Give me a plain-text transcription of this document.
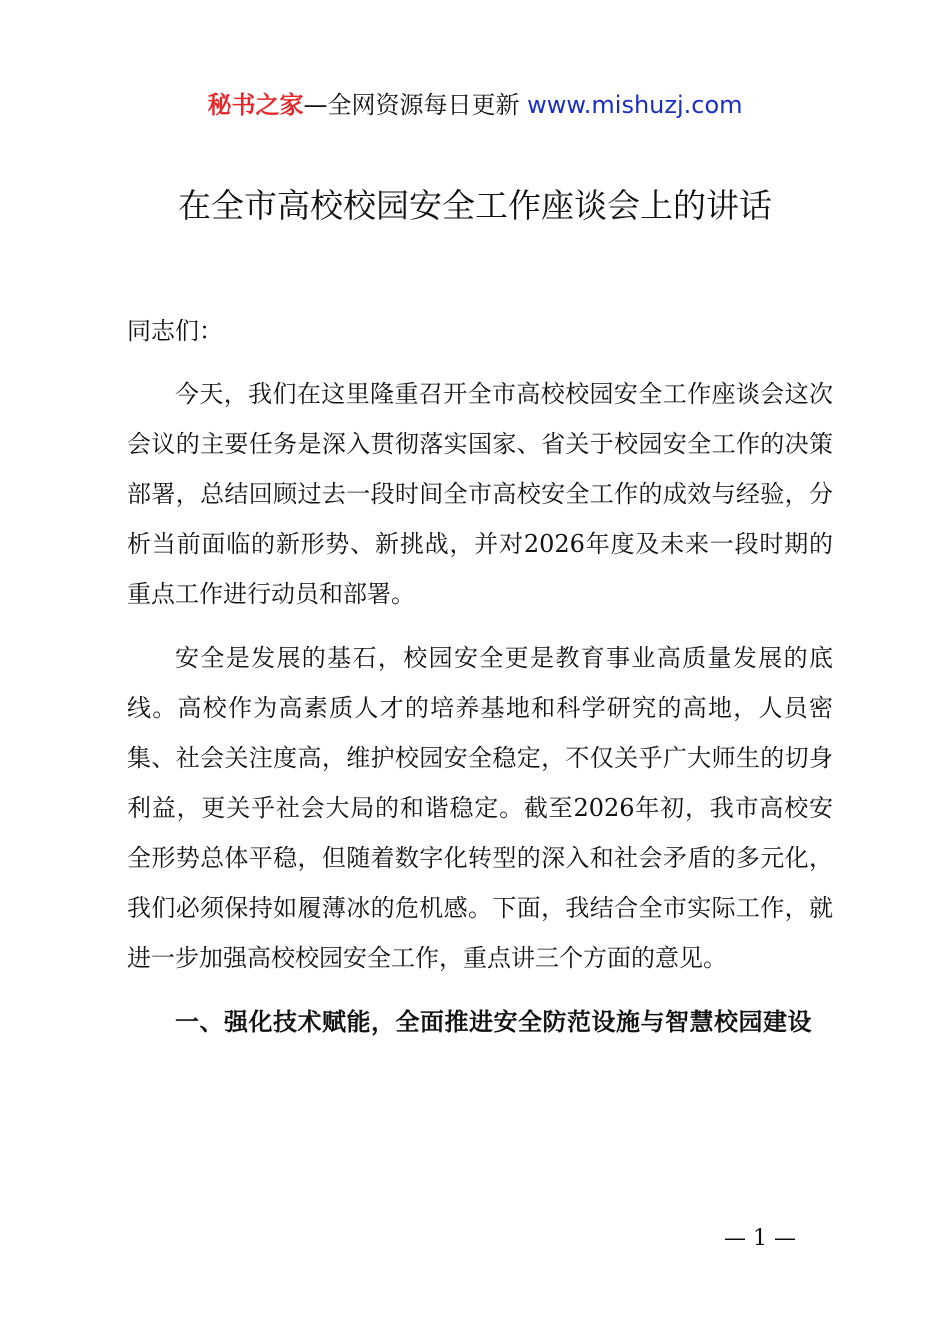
秘书之家—全网资源每日更新 www.mishuzj.com
在全市高校校园安全工作座谈会上的讲话

同志们：

今天，我们在这里隆重召开全市高校校园安全工作座谈会这次会议的主要任务是深入贯彻落实国家、省关于校园安全工作的决策部署，总结回顾过去一段时间全市高校安全工作的成效与经验，分析当前面临的新形势、新挑战，并对2026年度及未来一段时期的重点工作进行动员和部署。

安全是发展的基石，校园安全更是教育事业高质量发展的底线。高校作为高素质人才的培养基地和科学研究的高地，人员密集、社会关注度高，维护校园安全稳定，不仅关乎广大师生的切身利益，更关乎社会大局的和谐稳定。截至2026年初，我市高校安全形势总体平稳，但随着数字化转型的深入和社会矛盾的多元化，我们必须保持如履薄冰的危机感。下面，我结合全市实际工作，就进一步加强高校校园安全工作，重点讲三个方面的意见。

一、强化技术赋能，全面推进安全防范设施与智慧校园建设

— 1 —
